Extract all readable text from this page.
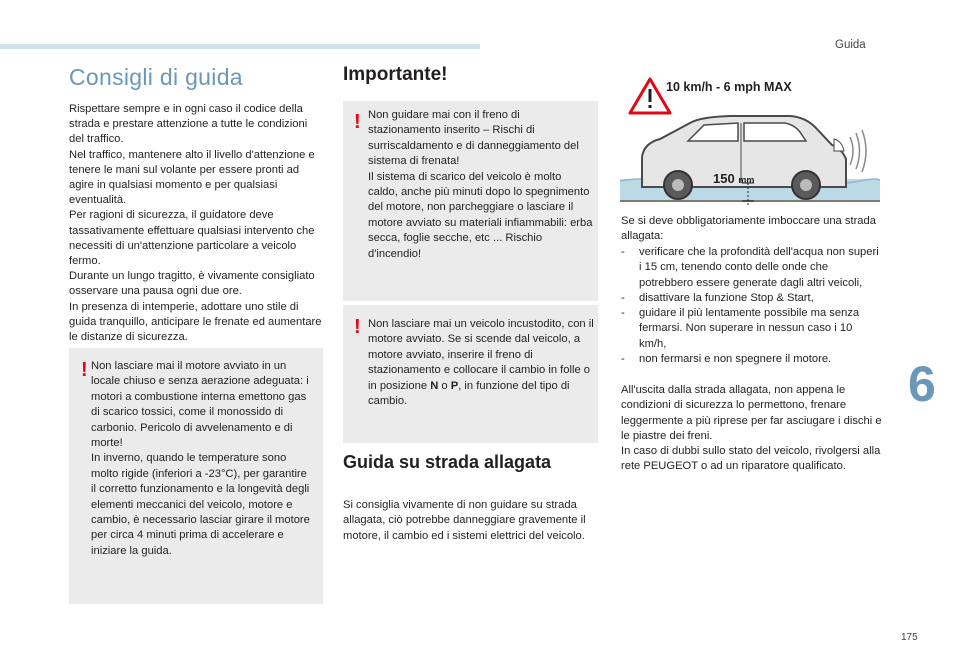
Guida
Consigli di guida

Rispettare sempre e in ogni caso il codice della strada e prestare attenzione a tutte le condizioni del traffico.
Nel traffico, mantenere alto il livello d'attenzione e tenere le mani sul volante per essere pronti ad agire in qualsiasi momento e per qualsiasi eventualità.
Per ragioni di sicurezza, il guidatore deve tassativamente effettuare qualsiasi intervento che necessiti di un'attenzione particolare a veicolo fermo.
Durante un lungo tragitto, è vivamente consigliato osservare una pausa ogni due ore.
In presenza di intemperie, adottare uno stile di guida tranquillo, anticipare le frenate ed aumentare le distanze di sicurezza.

! Non lasciare mai il motore avviato in un locale chiuso e senza aerazione adeguata: i motori a combustione interna emettono gas di scarico tossici, come il monossido di carbonio. Pericolo di avvelenamento e di morte!
In inverno, quando le temperature sono molto rigide (inferiori a -23°C), per garantire il corretto funzionamento e la longevità degli elementi meccanici del veicolo, motore e cambio, è necessario lasciar girare il motore per circa 4 minuti prima di accelerare e iniziare la guida.
Importante!
! Non guidare mai con il freno di stazionamento inserito – Rischi di surriscaldamento e di danneggiamento del sistema di frenata!
Il sistema di scarico del veicolo è molto caldo, anche più minuti dopo lo spegnimento del motore, non parcheggiare o lasciare il motore avviato su materiali infiammabili: erba secca, foglie secche, etc ... Rischio d'incendio!
! Non lasciare mai un veicolo incustodito, con il motore avviato. Se si scende dal veicolo, a motore avviato, inserire il freno di stazionamento e collocare il cambio in folle o in posizione N o P, in funzione del tipo di cambio.
Guida su strada allagata
Si consiglia vivamente di non guidare su strada allagata, ciò potrebbe danneggiare gravemente il motore, il cambio ed i sistemi elettrici del veicolo.
150 mm
10 km/h - 6 mph MAX
Se si deve obbligatoriamente imboccare una strada allagata:
- verificare che la profondità dell'acqua non superi i 15 cm, tenendo conto delle onde che potrebbero essere generate dagli altri veicoli,
- disattivare la funzione Stop & Start,
- guidare il più lentamente possibile ma senza fermarsi. Non superare in nessun caso i 10 km/h,
- non fermarsi e non spegnere il motore.
All'uscita dalla strada allagata, non appena le condizioni di sicurezza lo permettono, frenare leggermente a più riprese per far asciugare i dischi e le piastre dei freni.
In caso di dubbi sullo stato del veicolo, rivolgersi alla rete PEUGEOT o ad un riparatore qualificato.
6
175
